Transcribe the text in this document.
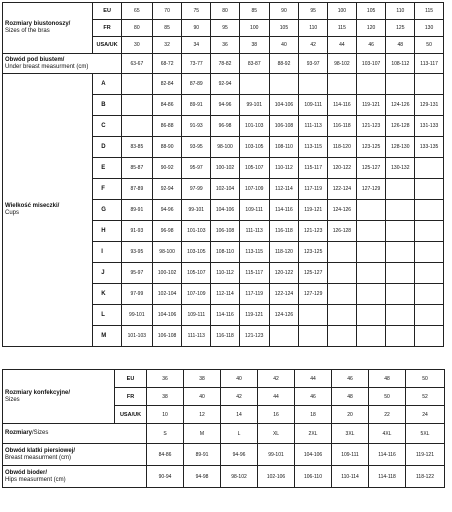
Rozmiary biustonoszy/
Sizes of the bras	EU	65	70	75	80	85	90	95	100	105	110	115
	FR	80	85	90	95	100	105	110	115	120	125	130
	USA/UK	30	32	34	36	38	40	42	44	46	48	50

Obwód pod biustem/
Under breast measurment (cm)		63-67	68-72	73-77	78-82	83-87	88-92	93-97	98-102	103-107	108-112	113-117

Wielkość miseczki/
Cups	A		82-84	87-89	92-94							
	B		84-86	89-91	94-96	99-101	104-106	109-111	114-116	119-121	124-126	129-131
	C		86-88	91-93	96-98	101-103	106-108	111-113	116-118	121-123	126-128	131-133
	D	83-85	88-90	93-95	98-100	103-105	108-110	113-115	118-120	123-125	128-130	133-135
	E	85-87	90-92	95-97	100-102	105-107	110-112	115-117	120-122	125-127	130-132	
	F	87-89	92-94	97-99	102-104	107-109	112-114	117-119	122-124	127-129		
	G	89-91	94-96	99-101	104-106	109-111	114-116	119-121	124-126			
	H	91-93	96-98	101-103	106-108	111-113	116-118	121-123	126-128			
	I	93-95	98-100	103-105	108-110	113-115	118-120	123-125				
	J	95-97	100-102	105-107	110-112	115-117	120-122	125-127				
	K	97-99	102-104	107-109	112-114	117-119	122-124	127-129				
	L	99-101	104-106	109-111	114-116	119-121	124-126					
	M	101-103	106-108	111-113	116-118	121-123						
Rozmiary konfekcyjne/
Sizes	EU	36	38	40	42	44	46	48	50
	FR	38	40	42	44	46	48	50	52
	USA/UK	10	12	14	16	18	20	22	24
Rozmiary/Sizes		S	M	L	XL	2XL	3XL	4XL	5XL

Obwód klatki piersiowej/
Breast measurment (cm)		84-86	89-91	94-96	99-101	104-106	109-111	114-116	119-121

Obwód bioder/
Hips measurment (cm)		90-94	94-98	98-102	102-106	106-110	110-114	114-118	118-122
